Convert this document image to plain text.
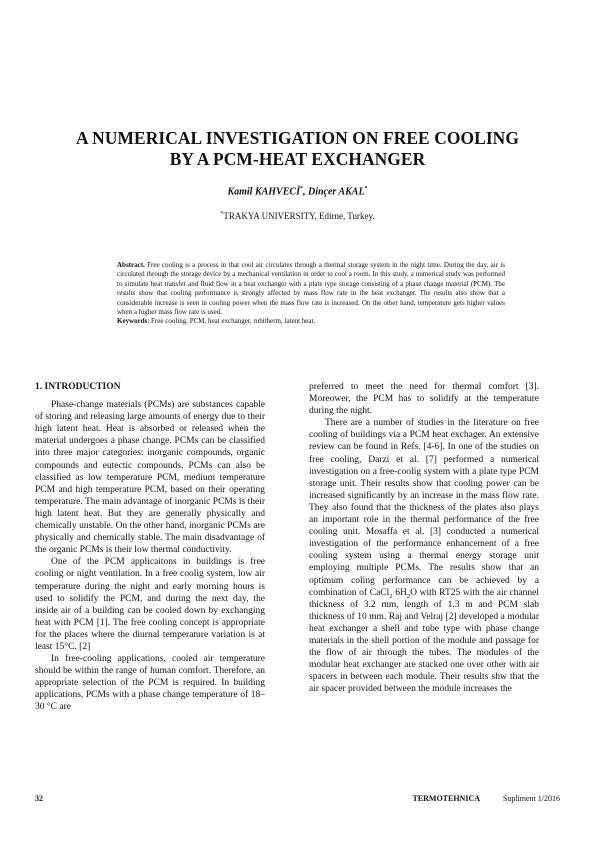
A NUMERICAL INVESTIGATION ON FREE COOLING
BY A PCM-HEAT EXCHANGER
Kamil KAHVECİ*, Dinçer AKAL*
*TRAKYA UNIVERSITY, Edirne, Turkey.

Abstract. Free cooling is a process in that cool air circulates through a thermal storage system in the night time. During the day, air is circulated through the storage device by a mechanical ventilation in order to cool a room. In this study, a numerical study was performed to simulate heat transfer and fluid flow in a heat exchanger with a plate type storage consisting of a phase change material (PCM). The results show that cooling performance is strongly affected by mass flow rate in the heat exchanger. The results also show that a considerable increase is seen in cooling power when the mass flow rate is increased. On the other hand, temperature gets higher values when a higher mass flow rate is used.

Keywords: Free cooling, PCM, heat exchanger, rubitherm, latent heat.

1. INTRODUCTION

Phase-change materials (PCMs) are substances capable of storing and releasing large amounts of energy due to their high latent heat. Heat is absorbed or released when the material undergoes a phase change. PCMs can be classified into three major categories: inorganic compounds, organic compounds and eutectic compounds. PCMs can also be classified as low temperature PCM, medium temperature PCM and high temperature PCM, based on their operating temperature. The main advantage of inorganic PCMs is their high latent heat. But they are generally physically and chemically unstable. On the other hand, inorganic PCMs are physically and chemically stable. The main disadvantage of the organic PCMs is their low thermal conductivity.

One of the PCM applicaitons in buildings is free cooling or night ventilation. In a free coolig system, low air temperature during the night and early morning hours is used to solidify the PCM, and during the next day, the inside air of a building can be cooled down by exchanging heat with PCM [1]. The free cooling concept is appropriate for the places where the diurnal temperature variation is at least 15°C. [2]

In free-cooling applications, cooled air temperature should be within the range of human comfort. Therefore, an appropriate selection of the PCM is required. In building applications, PCMs with a phase change temperature of 18–30 °C are

preferred to meet the need for thermal comfort [3]. Moreower, the PCM has to solidify at the temperature during the night.

There are a number of studies in the literature on free cooling of buildings via a PCM heat exchager. An extensive review can be found in Refs. [4-6]. In one of the studies on free cooling, Darzi et al. [7] performed a numerical investigation on a free-coolig system with a plate type PCM storage unit. Their results show that cooling power can be increased significantly by an increase in the mass flow rate. They also found that the thickness of the plates also plays an important role in the thermal performance of the free cooling unit. Mosaffa et al. [3] conducted a numerical investigation of the performance enhancement of a free cooling system using a thermal energy storage unit employing multiple PCMs. The results show that an optimum coling performance can be achieved by a combination of CaCl$_2$ $6H_2O$ with RT25 with the air channel thickness of 3.2 mm, length of 1.3 m and PCM slab thickness of 10 mm. Raj and Velraj [2] developed a modular heat exchanger a shell and tube type with phase change materials in the shell portion of the module and passage for the flow of air through the tubes. The modules of the modular heat exchanger are stacked one over other with air spacers in between each module. Their results shw that the air spacer provided between the module increases the

32	TERMOTEHNICA	Supliment 1/2016
